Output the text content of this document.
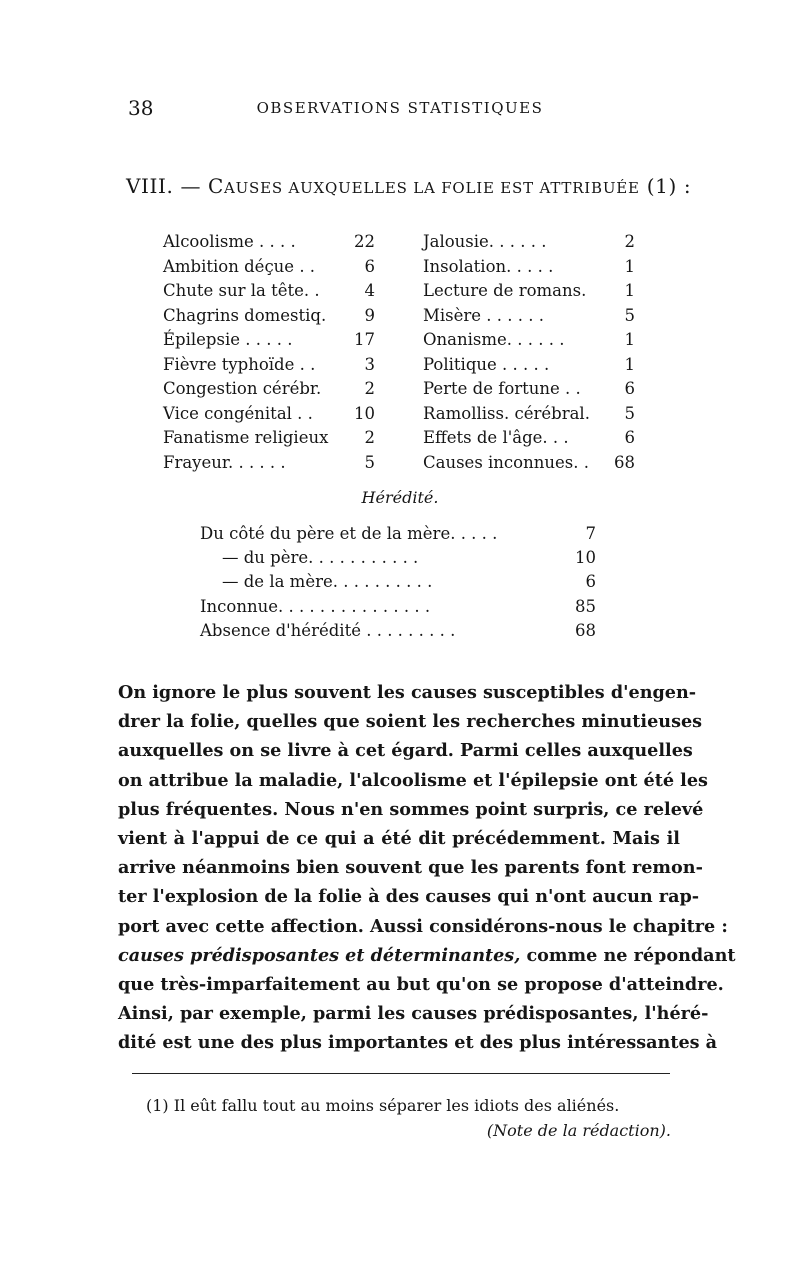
38	OBSERVATIONS STATISTIQUES
VIII. — CAUSES AUXQUELLES LA FOLIE EST ATTRIBUÉE (1) :
Alcoolisme . . . .	22	Jalousie. . . . . .	2
Ambition déçue . .	6	Insolation. . . . .	1
Chute sur la tête. .	4	Lecture de romans.	1
Chagrins domestiq.	9	Misère . . . . . .	5
Épilepsie . . . . .	17	Onanisme. . . . . .	1
Fièvre typhoïde . .	3	Politique . . . . .	1
Congestion cérébr.	2	Perte de fortune . .	6
Vice congénital . .	10	Ramolliss. cérébral.	5
Fanatisme religieux	2	Effets de l'âge. . .	6
Frayeur. . . . . .	5	Causes inconnues. .	68
Hérédité.
Du côté du père et de la mère. . . . .	7
— du père. . . . . . . . . . .	10
— de la mère. . . . . . . . . .	6
Inconnue. . . . . . . . . . . . . . .	85
Absence d'hérédité . . . . . . . . .	68
On ignore le plus souvent les causes susceptibles d'engen-
drer la folie, quelles que soient les recherches minutieuses
auxquelles on se livre à cet égard. Parmi celles auxquelles
on attribue la maladie, l'alcoolisme et l'épilepsie ont été les
plus fréquentes. Nous n'en sommes point surpris, ce relevé
vient à l'appui de ce qui a été dit précédemment. Mais il
arrive néanmoins bien souvent que les parents font remon-
ter l'explosion de la folie à des causes qui n'ont aucun rap-
port avec cette affection. Aussi considérons-nous le chapitre :
causes prédisposantes et déterminantes, comme ne répondant
que très-imparfaitement au but qu'on se propose d'atteindre.
Ainsi, par exemple, parmi les causes prédisposantes, l'héré-
dité est une des plus importantes et des plus intéressantes à
(1) Il eût fallu tout au moins séparer les idiots des aliénés.
(Note de la rédaction).
